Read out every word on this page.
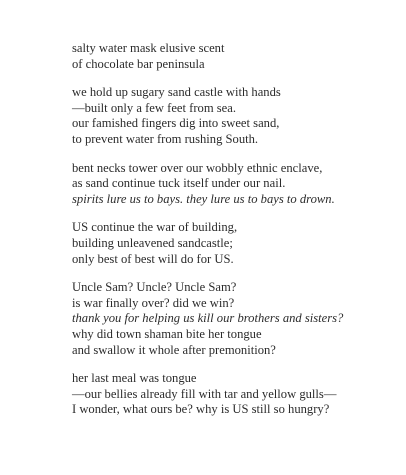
salty water mask elusive scent
of chocolate bar peninsula
we hold up sugary sand castle with hands
—built only a few feet from sea.
our famished fingers dig into sweet sand,
to prevent water from rushing South.
bent necks tower over our wobbly ethnic enclave,
as sand continue tuck itself under our nail.
spirits lure us to bays. they lure us to bays to drown.
US continue the war of building,
building unleavened sandcastle;
only best of best will do for US.
Uncle Sam? Uncle? Uncle Sam?
is war finally over? did we win?
thank you for helping us kill our brothers and sisters?
why did town shaman bite her tongue
and swallow it whole after premonition?
her last meal was tongue
—our bellies already fill with tar and yellow gulls—
I wonder, what ours be? why is US still so hungry?
